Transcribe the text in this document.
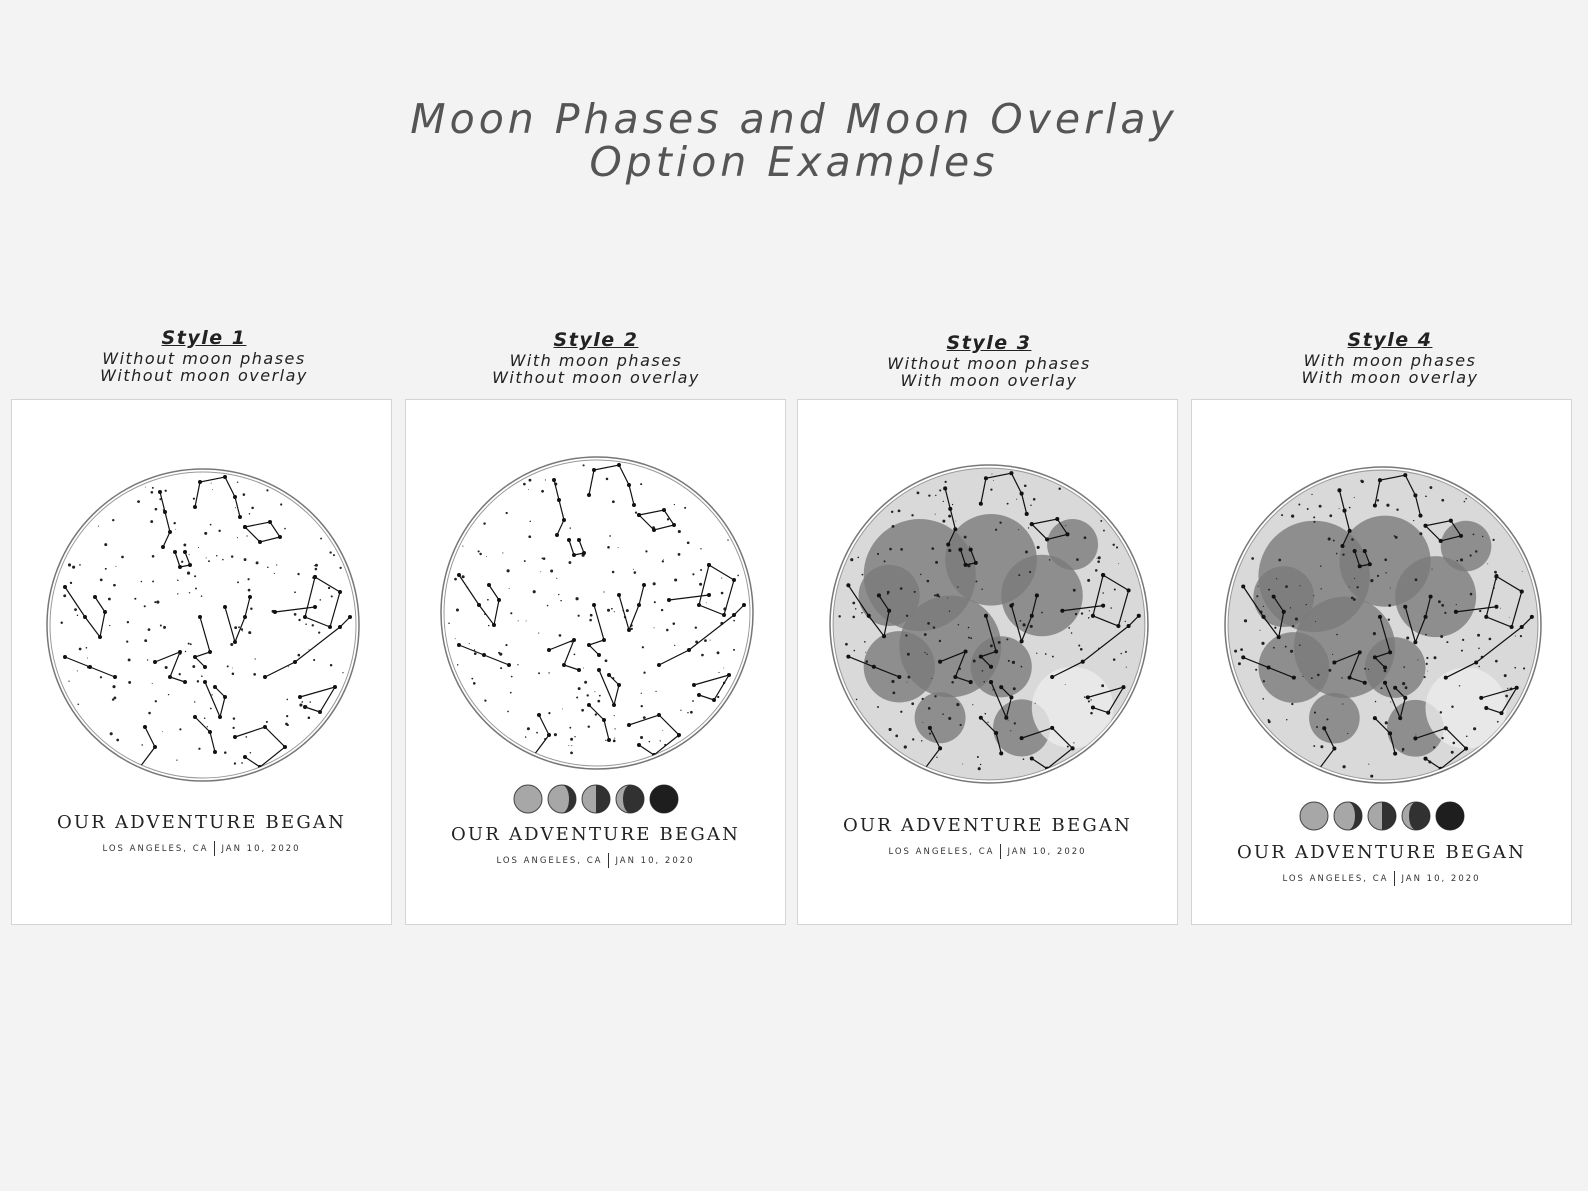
Moon Phases and Moon Overlay
Option Examples
Style 1
Without moon phases
Without moon overlay
Style 2
With moon phases
Without moon overlay
Style 3
Without moon phases
With moon overlay
Style 4
With moon phases
With moon overlay
OUR ADVENTURE BEGAN
LOS ANGELES, CA JAN 10, 2020
OUR ADVENTURE BEGAN
LOS ANGELES, CA JAN 10, 2020
OUR ADVENTURE BEGAN
LOS ANGELES, CA JAN 10, 2020	OUR ADVENTURE BEGAN
LOS ANGELES, CA JAN 10, 2020
